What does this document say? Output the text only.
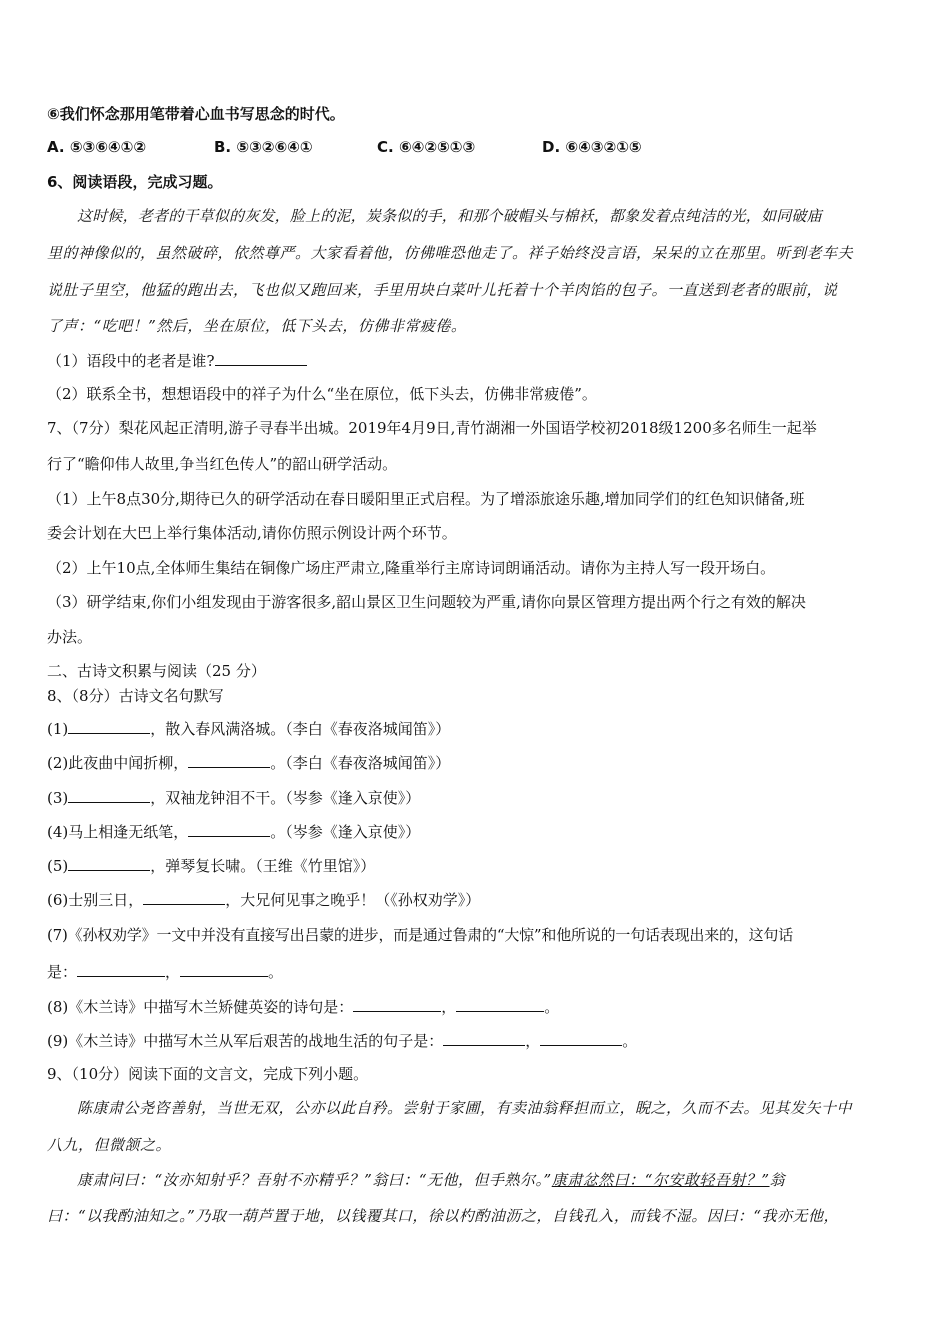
⑥我们怀念那用笔带着心血书写思念的时代。
A. ⑤③⑥④①②	B. ⑤③②⑥④①	C. ⑥④②⑤①③	D. ⑥④③②①⑤
6、阅读语段，完成习题。
这时候，老者的干草似的灰发，脸上的泥，炭条似的手，和那个破帽头与棉袄，都象发着点纯洁的光，如同破庙
里的神像似的，虽然破碎，依然尊严。大家看着他，仿佛唯恐他走了。祥子始终没言语，呆呆的立在那里。听到老车夫
说肚子里空，他猛的跑出去，飞也似又跑回来，手里用块白菜叶儿托着十个羊肉馅的包子。一直送到老者的眼前，说
了声：“吃吧！”然后，坐在原位，低下头去，仿佛非常疲倦。
（1）语段中的老者是谁?
（2）联系全书，想想语段中的祥子为什么“坐在原位，低下头去，仿佛非常疲倦”。
7、（7分）梨花风起正清明,游子寻春半出城。2019年4月9日,青竹湖湘一外国语学校初2018级1200多名师生一起举
行了“瞻仰伟人故里,争当红色传人”的韶山研学活动。
（1）上午8点30分,期待已久的研学活动在春日暖阳里正式启程。为了增添旅途乐趣,增加同学们的红色知识储备,班
委会计划在大巴上举行集体活动,请你仿照示例设计两个环节。
（2）上午10点,全体师生集结在铜像广场庄严肃立,隆重举行主席诗词朗诵活动。请你为主持人写一段开场白。
（3）研学结束,你们小组发现由于游客很多,韶山景区卫生问题较为严重,请你向景区管理方提出两个行之有效的解决
办法。
二、古诗文积累与阅读（25 分）
8、（8分）古诗文名句默写
(1)	，散入春风满洛城。（李白《春夜洛城闻笛》）
(2)此夜曲中闻折柳，	。（李白《春夜洛城闻笛》）
(3)	，双袖龙钟泪不干。（岑参《逢入京使》）
(4)马上相逢无纸笔，	。（岑参《逢入京使》）
(5)	，弹琴复长啸。（王维《竹里馆》）
(6)士别三日，	，大兄何见事之晚乎！（《孙权劝学》）
(7)《孙权劝学》一文中并没有直接写出吕蒙的进步，而是通过鲁肃的“大惊”和他所说的一句话表现出来的，这句话
是：	，	。
(8)《木兰诗》中描写木兰矫健英姿的诗句是：	，	。
(9)《木兰诗》中描写木兰从军后艰苦的战地生活的句子是：	，	。
9、（10分）阅读下面的文言文，完成下列小题。
陈康肃公尧咨善射，当世无双，公亦以此自矜。尝射于家圃，有卖油翁释担而立，睨之，久而不去。见其发矢十中
八九，但微颔之。
康肃问曰：“汝亦知射乎？吾射不亦精乎？”翁曰：“无他，但手熟尔。”康肃忿然曰：“尔安敢轻吾射？”翁
曰：“以我酌油知之。”乃取一葫芦置于地，以钱覆其口，徐以杓酌油沥之，自钱孔入，而钱不湿。因曰：“我亦无他，
